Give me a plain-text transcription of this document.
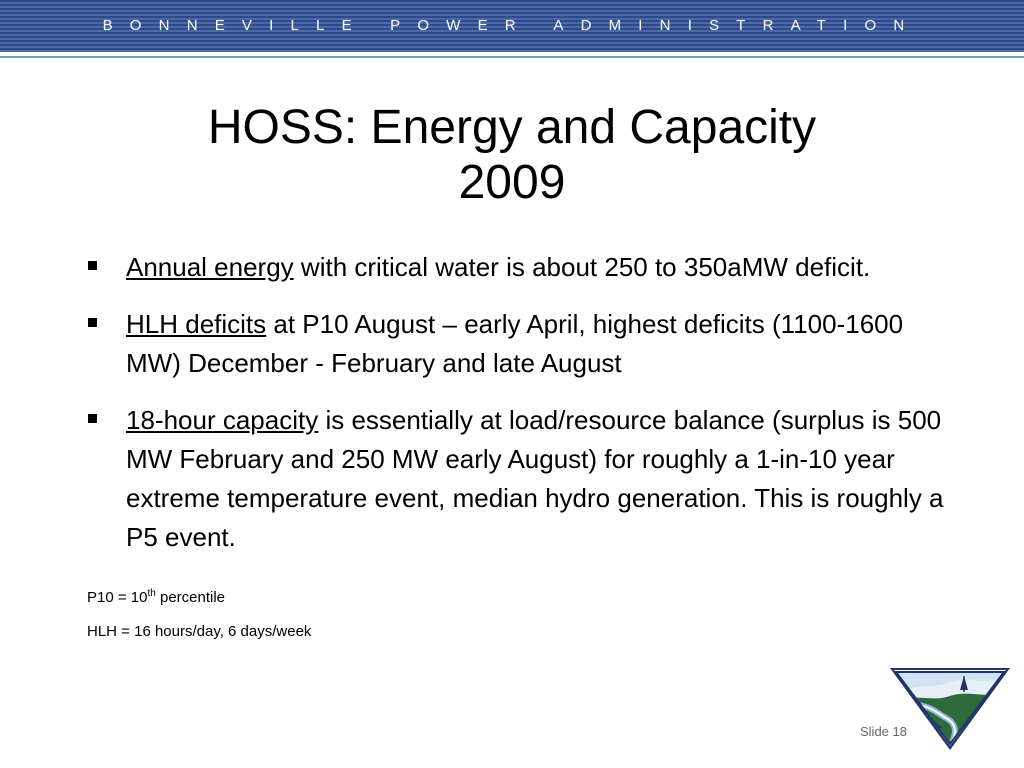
BONNEVILLE POWER ADMINISTRATION
HOSS: Energy and Capacity
2009
Annual energy with critical water is about 250 to 350aMW deficit.
HLH deficits at P10 August – early April, highest deficits (1100-1600 MW) December - February and late August
18-hour capacity is essentially at load/resource balance (surplus is 500 MW February and 250 MW early August) for roughly a 1-in-10 year extreme temperature event, median hydro generation. This is roughly a P5 event.
P10 = 10th percentile
HLH = 16 hours/day, 6 days/week
Slide 18
